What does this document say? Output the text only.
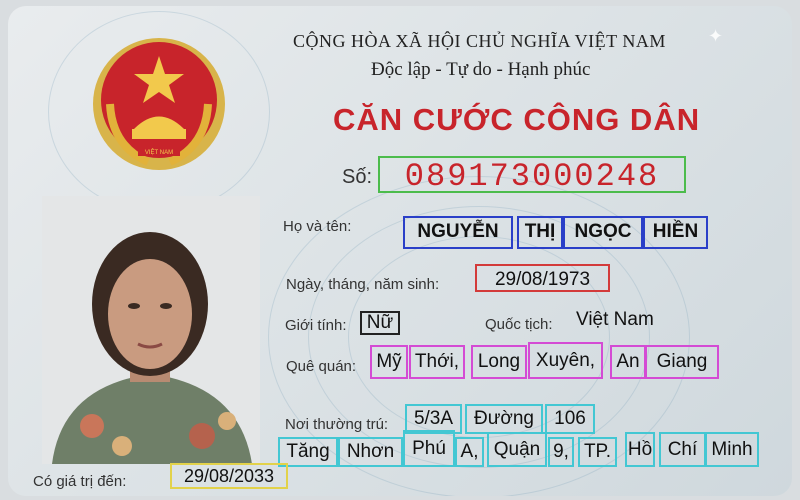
VIỆT NAM
CỘNG HÒA XÃ HỘI CHỦ NGHĨA VIỆT NAM
Độc lập - Tự do - Hạnh phúc
CĂN CƯỚC CÔNG DÂN
✦
Số:	089173000248
Họ và tên:	NGUYỄN	THỊ	NGỌC	HIỀN
Ngày, tháng, năm sinh:	29/08/1973
Giới tính:	Nữ	Quốc tịch: Việt Nam
Quê quán:	Mỹ Thới, Long Xuyên,	An Giang
Nơi thường trú:	5/3A	Đường	106
Tăng Nhơn Phú A, Quận 9, TP. Hồ Chí Minh
Có giá trị đến:	29/08/2033
